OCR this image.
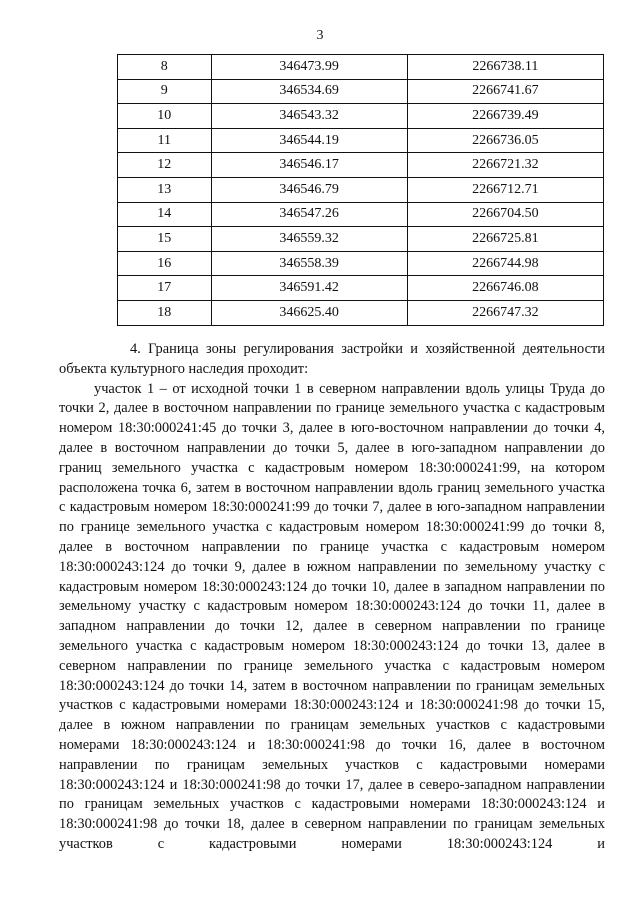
3
8	346473.99	2266738.11
9	346534.69	2266741.67
10	346543.32	2266739.49
11	346544.19	2266736.05
12	346546.17	2266721.32
13	346546.79	2266712.71
14	346547.26	2266704.50
15	346559.32	2266725.81
16	346558.39	2266744.98
17	346591.42	2266746.08
18	346625.40	2266747.32

4. Граница зоны регулирования застройки и хозяйственной деятельности объекта культурного наследия проходит:

участок 1 – от исходной точки 1 в северном направлении вдоль улицы Труда до точки 2, далее в восточном направлении по границе земельного участка с кадастровым номером 18:30:000241:45 до точки 3, далее в юго-восточном направлении до точки 4, далее в восточном направлении до точки 5, далее в юго-западном направлении до границ земельного участка с кадастровым номером 18:30:000241:99, на котором расположена точка 6, затем в восточном направлении вдоль границ земельного участка с кадастровым номером 18:30:000241:99 до точки 7, далее в юго-западном направлении по границе земельного участка с кадастровым номером 18:30:000241:99 до точки 8, далее в восточном направлении по границе участка с кадастровым номером 18:30:000243:124 до точки 9, далее в южном направлении по земельному участку с кадастровым номером 18:30:000243:124 до точки 10, далее в западном направлении по земельному участку с кадастровым номером 18:30:000243:124 до точки 11, далее в западном направлении до точки 12, далее в северном направлении по границе земельного участка с кадастровым номером 18:30:000243:124 до точки 13, далее в северном направлении по границе земельного участка с кадастровым номером 18:30:000243:124 до точки 14, затем в восточном направлении по границам земельных участков с кадастровыми номерами 18:30:000243:124 и 18:30:000241:98 до точки 15, далее в южном направлении по границам земельных участков с кадастровыми номерами 18:30:000243:124 и 18:30:000241:98 до точки 16, далее в восточном направлении по границам земельных участков с кадастровыми номерами 18:30:000243:124 и 18:30:000241:98 до точки 17, далее в северо-западном направлении по границам земельных участков с кадастровыми номерами 18:30:000243:124 и 18:30:000241:98 до точки 18, далее в северном направлении по границам земельных участков с кадастровыми номерами 18:30:000243:124 и
